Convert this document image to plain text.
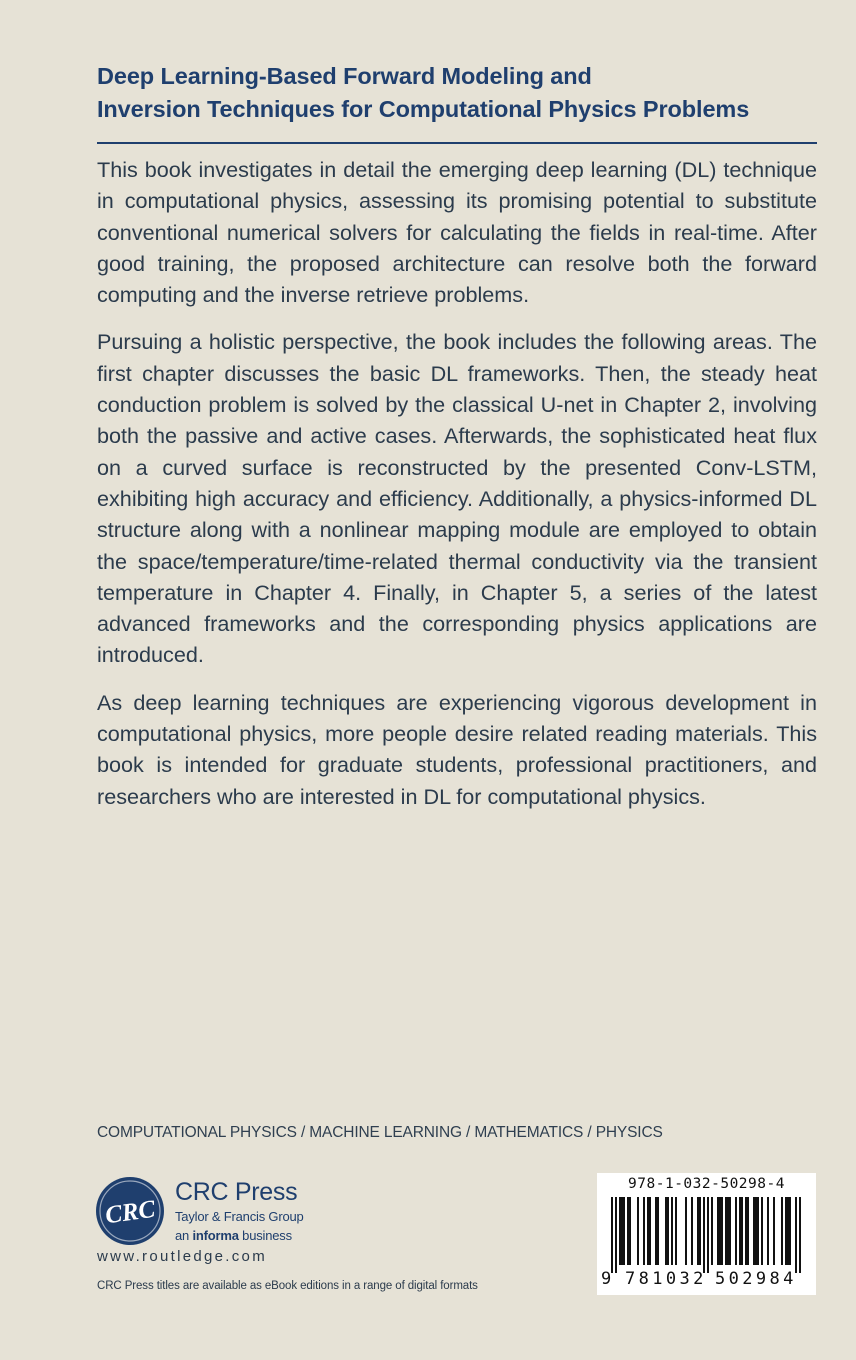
Deep Learning-Based Forward Modeling and
Inversion Techniques for Computational Physics Problems

This book investigates in detail the emerging deep learning (DL) technique in computational physics, assessing its promising potential to substitute conventional numerical solvers for calculating the fields in real-time. After good training, the proposed architecture can resolve both the forward computing and the inverse retrieve problems.

Pursuing a holistic perspective, the book includes the following areas. The first chapter discusses the basic DL frameworks. Then, the steady heat conduction problem is solved by the classical U-net in Chapter 2, involving both the passive and active cases. Afterwards, the sophisticated heat flux on a curved surface is reconstructed by the presented Conv-LSTM, exhibiting high accuracy and efficiency. Additionally, a physics-informed DL structure along with a nonlinear mapping module are employed to obtain the space/temperature/time-related thermal conductivity via the transient temperature in Chapter 4. Finally, in Chapter 5, a series of the latest advanced frameworks and the corresponding physics applications are introduced.

As deep learning techniques are experiencing vigorous development in computational physics, more people desire related reading materials. This book is intended for graduate students, professional practitioners, and researchers who are interested in DL for computational physics.

COMPUTATIONAL PHYSICS / MACHINE LEARNING / MATHEMATICS / PHYSICS
CRC
CRC Press
Taylor & Francis Group
an informa business
www.routledge.com
CRC Press titles are available as eBook editions in a range of digital formats
978-1-032-50298-4
9 781032 502984
